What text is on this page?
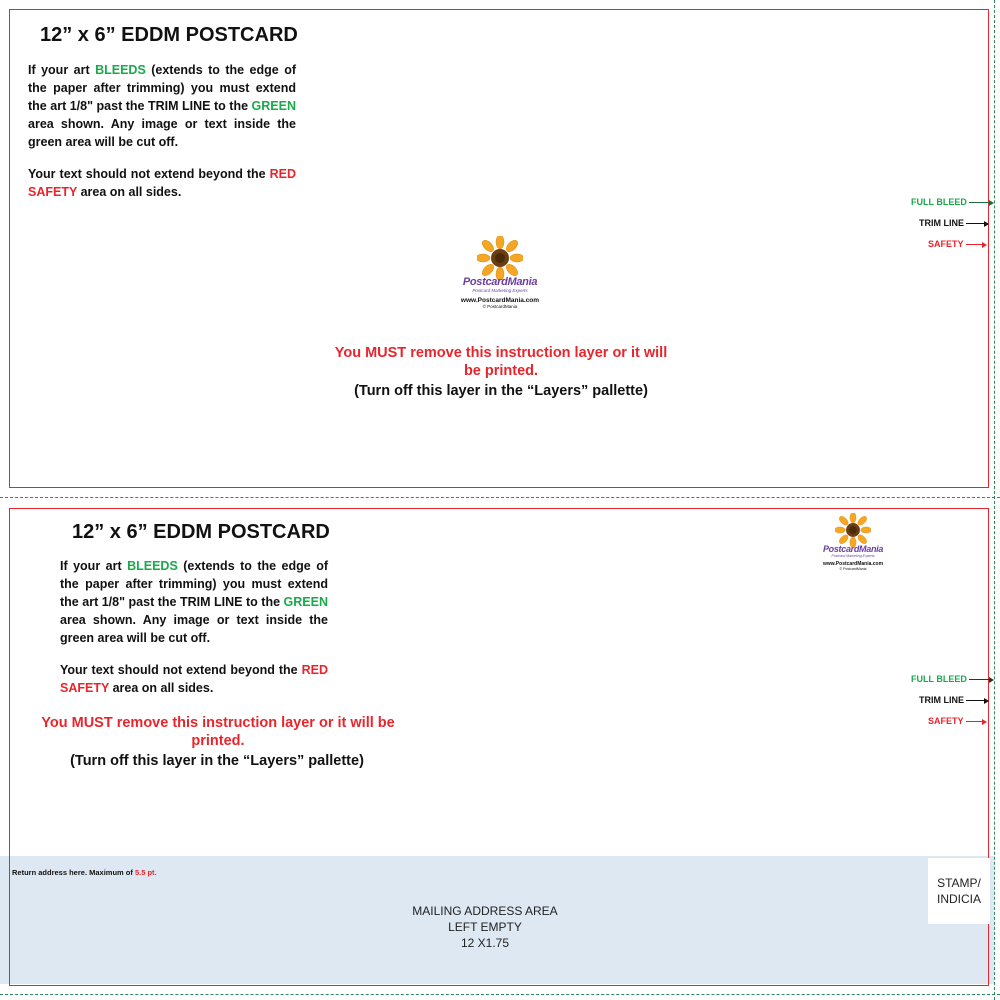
12” x 6” EDDM POSTCARD
If your art BLEEDS (extends to the edge of the paper after trimming) you must extend the art 1/8" past the TRIM LINE to the GREEN area shown. Any image or text inside the green area will be cut off.
Your text should not extend beyond the RED SAFETY area on all sides.
PostcardMania
Postcard Marketing Experts
www.PostcardMania.com
© PostcardMania
You MUST remove this instruction layer or it will be printed.
(Turn off this layer in the “Layers” pallette)
FULL BLEED
TRIM LINE
SAFETY
12” x 6” EDDM POSTCARD
If your art BLEEDS (extends to the edge of the paper after trimming) you must extend the art 1/8" past the TRIM LINE to the GREEN area shown. Any image or text inside the green area will be cut off.
Your text should not extend beyond the RED SAFETY area on all sides.
You MUST remove this instruction layer or it will be printed.
(Turn off this layer in the “Layers” pallette)
PostcardMania
Postcard Marketing Experts
www.PostcardMania.com
© PostcardMania
FULL BLEED
TRIM LINE
SAFETY
Return address here. Maximum of 5.5 pt.
MAILING ADDRESS AREA
LEFT EMPTY
12 X1.75
STAMP/
INDICIA
